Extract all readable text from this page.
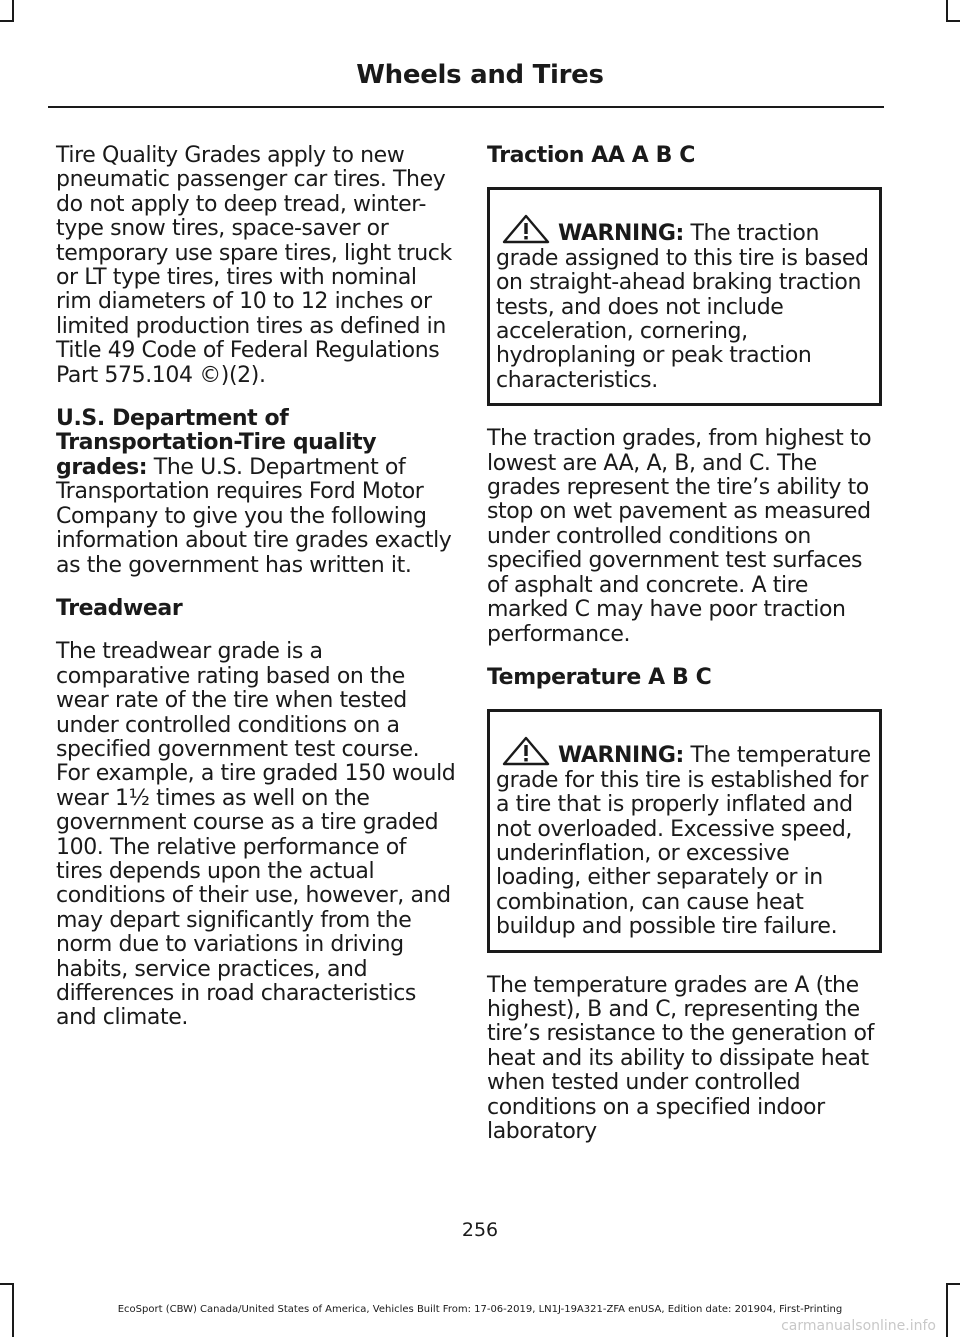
Wheels and Tires

Tire Quality Grades apply to new pneumatic passenger car tires. They do not apply to deep tread, winter-type snow tires, space-saver or temporary use spare tires, light truck or LT type tires, tires with nominal rim diameters of 10 to 12 inches or limited production tires as defined in Title 49 Code of Federal Regulations Part 575.104 ©)(2).

U.S. Department of Transportation-Tire quality grades: The U.S. Department of Transportation requires Ford Motor Company to give you the following information about tire grades exactly as the government has written it.

Treadwear

The treadwear grade is a comparative rating based on the wear rate of the tire when tested under controlled conditions on a specified government test course. For example, a tire graded 150 would wear 1½ times as well on the government course as a tire graded 100. The relative performance of tires depends upon the actual conditions of their use, however, and may depart significantly from the norm due to variations in driving habits, service practices, and differences in road characteristics and climate.

Traction AA A B C
WARNING: The traction grade assigned to this tire is based on straight-ahead braking traction tests, and does not include acceleration, cornering, hydroplaning or peak traction characteristics.

The traction grades, from highest to lowest are AA, A, B, and C. The grades represent the tire’s ability to stop on wet pavement as measured under controlled conditions on specified government test surfaces of asphalt and concrete. A tire marked C may have poor traction performance.

Temperature A B C
WARNING: The temperature grade for this tire is established for a tire that is properly inflated and not overloaded. Excessive speed, underinflation, or excessive loading, either separately or in combination, can cause heat buildup and possible tire failure.

The temperature grades are A (the highest), B and C, representing the tire’s resistance to the generation of heat and its ability to dissipate heat when tested under controlled conditions on a specified indoor laboratory

256
EcoSport (CBW) Canada/United States of America, Vehicles Built From: 17-06-2019, LN1J-19A321-ZFA enUSA, Edition date: 201904, First-Printing
carmanualsonline.info
